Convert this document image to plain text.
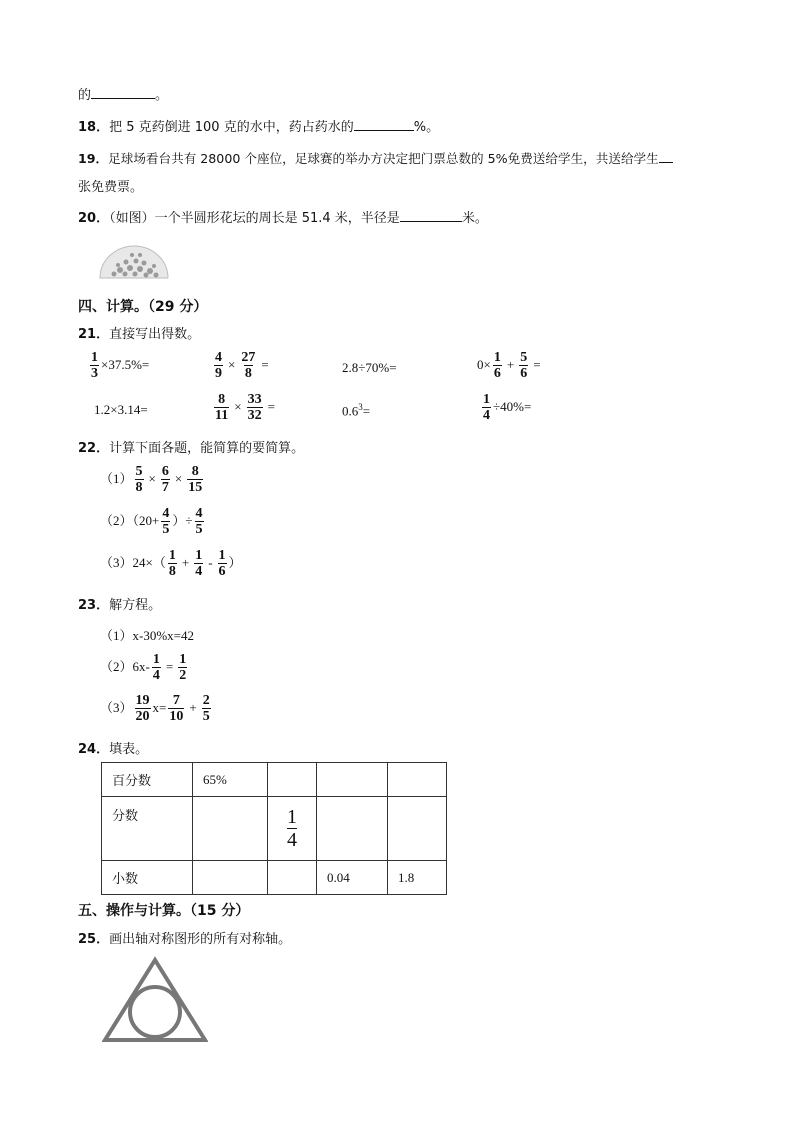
的	。
18．把 5 克药倒进 100 克的水中，药占药水的	%。
19．足球场看台共有 28000 个座位，足球赛的举办方决定把门票总数的 5%免费送给学生，共送给学生
张免费票。
20．（如图）一个半圆形花坛的周长是 51.4 米，半径是	米。
四、计算。（29 分）
21．直接写出得数。
$\frac{1}{3} \times 37.5\%=$	$\frac{4}{9} \times \frac{27}{8}$ =	2.8÷70%=	$0\times \frac{1}{6} + \frac{5}{6}$ =
1.2×3.14=	$\frac{8}{11} \times \frac{33}{32}$ =	$0.6^3=$	$\frac{1}{4} \div 40\%=$
22．计算下面各题，能简算的要简算。
$(1) \frac{5}{8} \times \frac{6}{7} \times \frac{8}{15}$
$(2)(20+ \frac{4}{5}$ ）÷ $\frac{4}{5}$
$(3)24\times( \frac{1}{8} + \frac{1}{4} - \frac{1}{6}$ ）
23．解方程。
（1）x-30%x=42
$(2)6x- \frac{1}{4} = \frac{1}{2}$
$(3) \frac{19}{20} x= \frac{7}{10} + \frac{2}{5}$
24．填表。
百分数	65%			
分数		$\frac{1}{4}$

小数			0.04	1.8
五、操作与计算。（15 分）
25．画出轴对称图形的所有对称轴。
